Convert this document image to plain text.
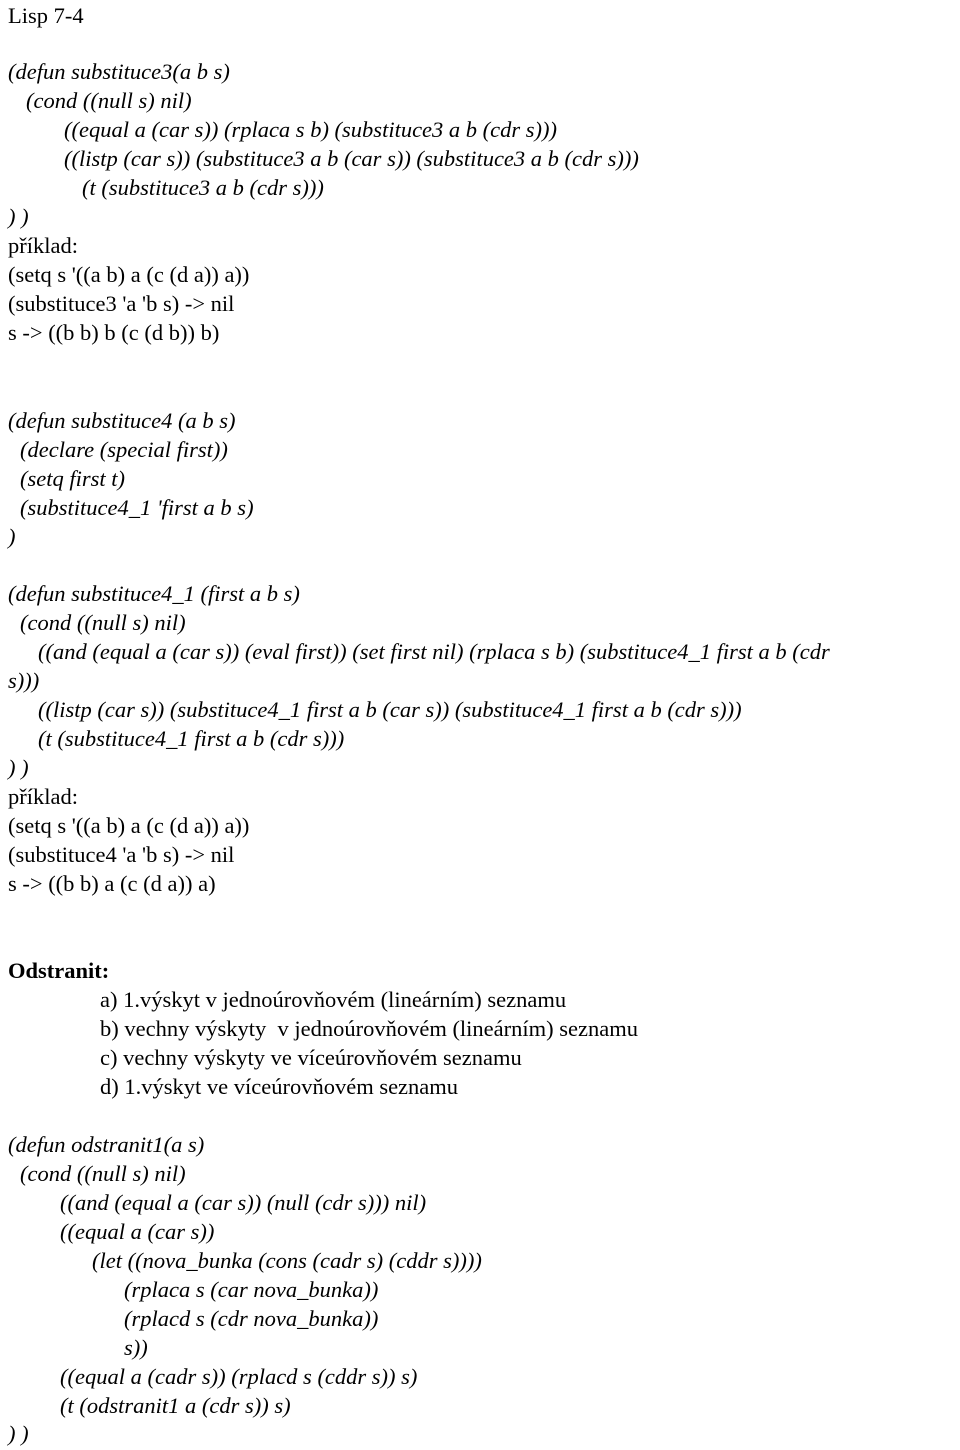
Lisp 7-4
(defun substituce3(a b s)
(cond ((null s) nil)
((equal a (car s)) (rplaca s b) (substituce3 a b (cdr s)))
((listp (car s)) (substituce3 a b (car s)) (substituce3 a b (cdr s)))
(t (substituce3 a b (cdr s)))
) )
příklad:
(setq s '((a b) a (c (d a)) a))
(substituce3 'a 'b s) -> nil
s -> ((b b) b (c (d b)) b)
(defun substituce4 (a b s)
(declare (special first))
(setq first t)
(substituce4_1 'first a b s)
)
(defun substituce4_1 (first a b s)
(cond ((null s) nil)
((and (equal a (car s)) (eval first)) (set first nil) (rplaca s b) (substituce4_1 first a b (cdr
s)))
((listp (car s)) (substituce4_1 first a b (car s)) (substituce4_1 first a b (cdr s)))
(t (substituce4_1 first a b (cdr s)))
) )
příklad:
(setq s '((a b) a (c (d a)) a))
(substituce4 'a 'b s) -> nil
s -> ((b b) a (c (d a)) a)
Odstranit:
a) 1.výskyt v jednoúrovňovém (lineárním) seznamu
b) vechny výskyty  v jednoúrovňovém (lineárním) seznamu
c) vechny výskyty ve víceúrovňovém seznamu
d) 1.výskyt ve víceúrovňovém seznamu
(defun odstranit1(a s)
(cond ((null s) nil)
((and (equal a (car s)) (null (cdr s))) nil)
((equal a (car s))
(let ((nova_bunka (cons (cadr s) (cddr s))))
(rplaca s (car nova_bunka))
(rplacd s (cdr nova_bunka))
s))
((equal a (cadr s)) (rplacd s (cddr s)) s)
(t (odstranit1 a (cdr s)) s)
) )
